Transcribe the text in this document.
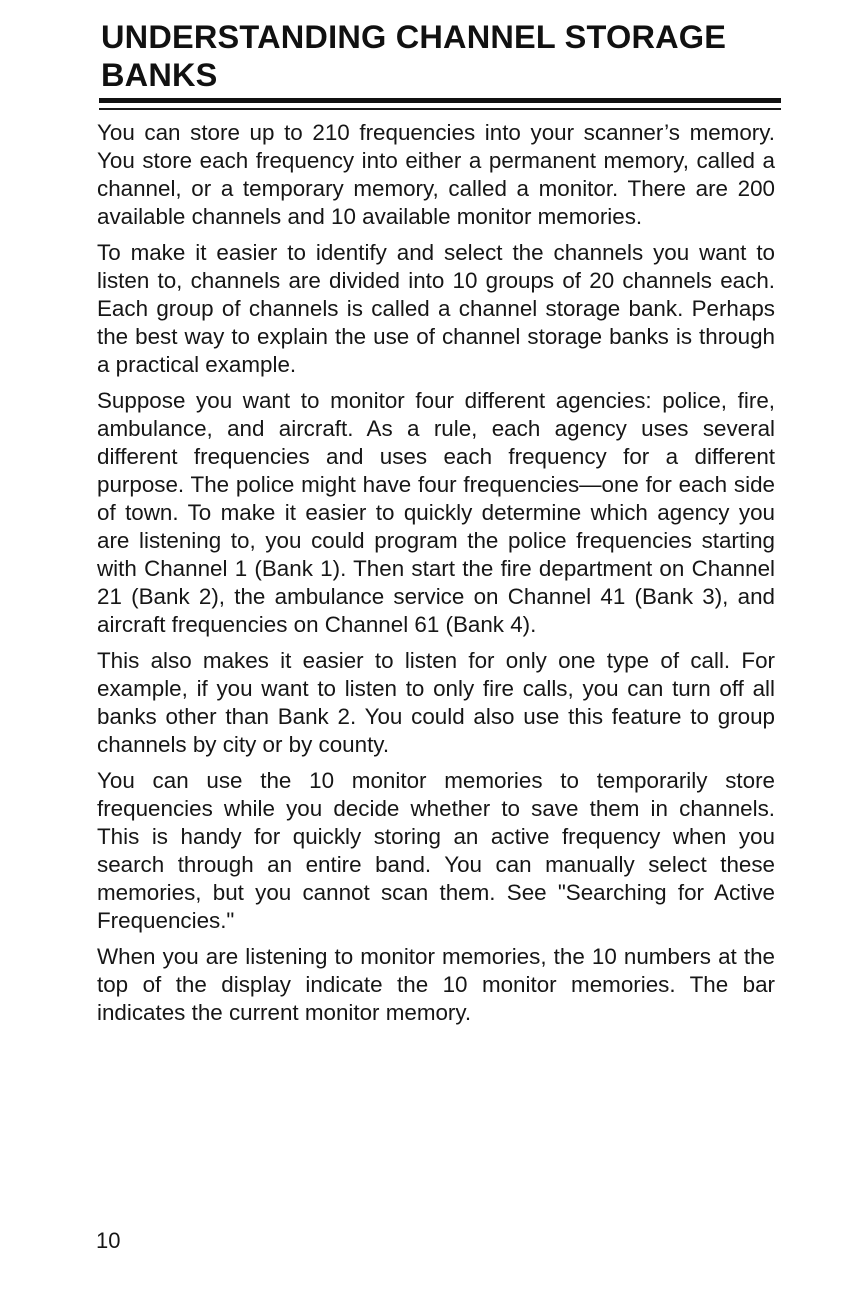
UNDERSTANDING CHANNEL STORAGE BANKS

You can store up to 210 frequencies into your scanner’s memory. You store each frequency into either a permanent memory, called a channel, or a temporary memory, called a monitor. There are 200 available channels and 10 available monitor memories.

To make it easier to identify and select the channels you want to listen to, channels are divided into 10 groups of 20 channels each. Each group of channels is called a channel storage bank. Perhaps the best way to explain the use of channel storage banks is through a practical example.

Suppose you want to monitor four different agencies: police, fire, ambulance, and aircraft. As a rule, each agency uses several different frequencies and uses each frequency for a different purpose. The police might have four frequencies—one for each side of town. To make it easier to quickly determine which agency you are listening to, you could program the police frequencies starting with Channel 1 (Bank 1). Then start the fire department on Channel 21 (Bank 2), the ambulance service on Channel 41 (Bank 3), and aircraft frequencies on Channel 61 (Bank 4).

This also makes it easier to listen for only one type of call. For example, if you want to listen to only fire calls, you can turn off all banks other than Bank 2. You could also use this feature to group channels by city or by county.

You can use the 10 monitor memories to temporarily store frequencies while you decide whether to save them in channels. This is handy for quickly storing an active frequency when you search through an entire band. You can manually select these memories, but you cannot scan them. See "Searching for Active Frequencies."

When you are listening to monitor memories, the 10 numbers at the top of the display indicate the 10 monitor memories. The bar indicates the current monitor memory.

10
